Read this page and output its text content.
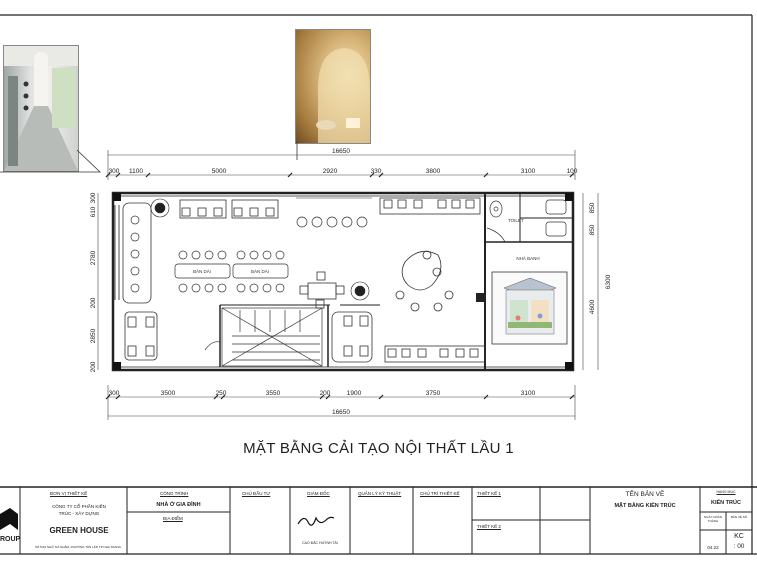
BÀN DÀI	BÀN DÀI
TOILET
NHÀ BANH
16650
300 1100	5000	2920	330	3800	3100	100
300	3500	250	3550	200	1900	3750	3100
16650
610
300
2780
200
2850
200
6300
850
850
4600
MẶT BẰNG CẢI TẠO NỘI THẤT LẦU 1
ROUP
ĐƠN VỊ THIẾT KẾ
CÔNG TY CỔ PHẦN KIẾN
TRÚC - XÂY DỰNG
GREEN HOUSE
SỐ 5/19 NGÔ THÌ NHẬM, PHƯỜNG TÂN LẬP, TP NHA TRANG
CÔNG TRÌNH
NHÀ Ở GIA ĐÌNH
ĐỊA ĐIỂM
CHỦ ĐẦU TƯ	GIÁM ĐỐC
CAO ĐẮC HUỲNH TÀI
QUẢN LÝ KỸ THUẬT	CHỦ TRÌ THIẾT KẾ	THIẾT KẾ 1
THIẾT KẾ 2
TÊN BẢN VẼ
MẶT BẰNG KIẾN TRÚC
HẠNG MỤC
KIẾN TRÚC
NGÀY HOÀN THÀNH
BẢN VẼ SỐ
KC
04.22	: 00
